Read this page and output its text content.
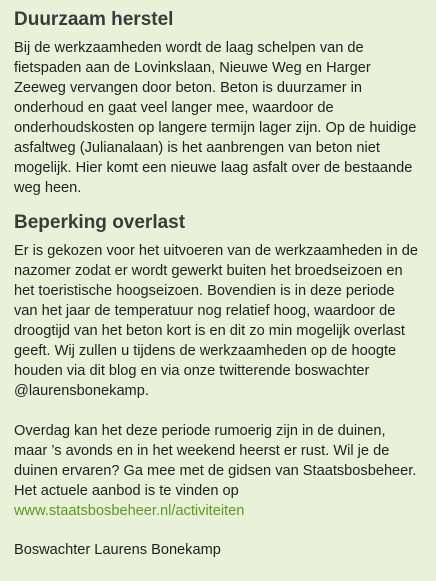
Duurzaam herstel

Bij de werkzaamheden wordt de laag schelpen van de fietspaden aan de Lovinkslaan, Nieuwe Weg en Harger Zeeweg vervangen door beton. Beton is duurzamer in onderhoud en gaat veel langer mee, waardoor de onderhoudskosten op langere termijn lager zijn. Op de huidige asfaltweg (Julianalaan) is het aanbrengen van beton niet mogelijk. Hier komt een nieuwe laag asfalt over de bestaande weg heen.

Beperking overlast

Er is gekozen voor het uitvoeren van de werkzaamheden in de nazomer zodat er wordt gewerkt buiten het broedseizoen en het toeristische hoogseizoen. Bovendien is in deze periode van het jaar de temperatuur nog relatief hoog, waardoor de droogtijd van het beton kort is en dit zo min mogelijk overlast geeft. Wij zullen u tijdens de werkzaamheden op de hoogte houden via dit blog en via onze twitterende boswachter @laurensbonekamp.

Overdag kan het deze periode rumoerig zijn in de duinen, maar ’s avonds en in het weekend heerst er rust. Wil je de duinen ervaren? Ga mee met de gidsen van Staatsbosbeheer. Het actuele aanbod is te vinden op www.staatsbosbeheer.nl/activiteiten

Boswachter Laurens Bonekamp
